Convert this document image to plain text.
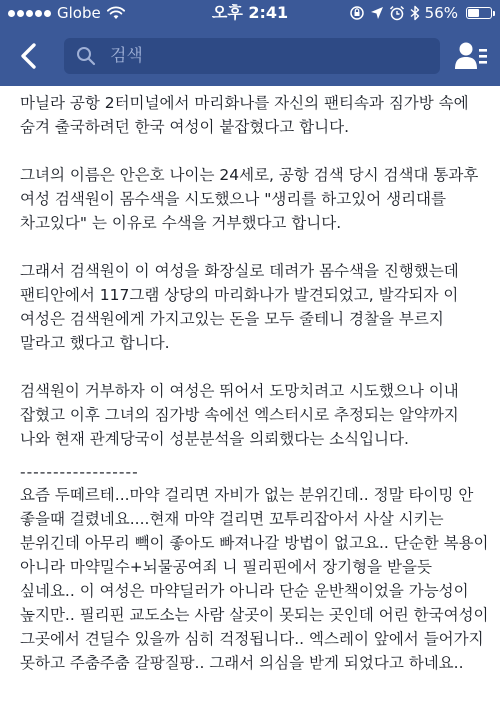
Globe	오후 2:41	56%
검색

마닐라 공항 2터미널에서 마리화나를 자신의 팬티속과 짐가방 속에 숨겨 출국하려던 한국 여성이 붙잡혔다고 합니다.

그녀의 이름은 안은호 나이는 24세로, 공항 검색 당시 검색대 통과후 여성 검색원이 몸수색을 시도했으나 "생리를 하고있어 생리대를 차고있다" 는 이유로 수색을 거부했다고 합니다.

그래서 검색원이 이 여성을 화장실로 데려가 몸수색을 진행했는데 팬티안에서 117그램 상당의 마리화나가 발견되었고, 발각되자 이 여성은 검색원에게 가지고있는 돈을 모두 줄테니 경찰을 부르지 말라고 했다고 합니다.

검색원이 거부하자 이 여성은 뛰어서 도망치려고 시도했으나 이내 잡혔고 이후 그녀의 짐가방 속에선 엑스터시로 추정되는 알약까지 나와 현재 관계당국이 성분분석을 의뢰했다는 소식입니다.

------------------

요즘 두떼르테...마약 걸리면 자비가 없는 분위긴데.. 정말 타이밍 안 좋을때 걸렸네요....현재 마약 걸리면 꼬투리잡아서 사살 시키는 분위긴데 아무리 빽이 좋아도 빠져나갈 방법이 없고요.. 단순한 복용이 아니라 마약밀수+뇌물공여죄 니 필리핀에서 장기형을 받을듯 싶네요.. 이 여성은 마약딜러가 아니라 단순 운반책이었을 가능성이 높지만.. 필리핀 교도소는 사람 살곳이 못되는 곳인데 어린 한국여성이 그곳에서 견딜수 있을까 심히 걱정됩니다.. 엑스레이 앞에서 들어가지 못하고 주춤주춤 갈팡질팡.. 그래서 의심을 받게 되었다고 하네요..
